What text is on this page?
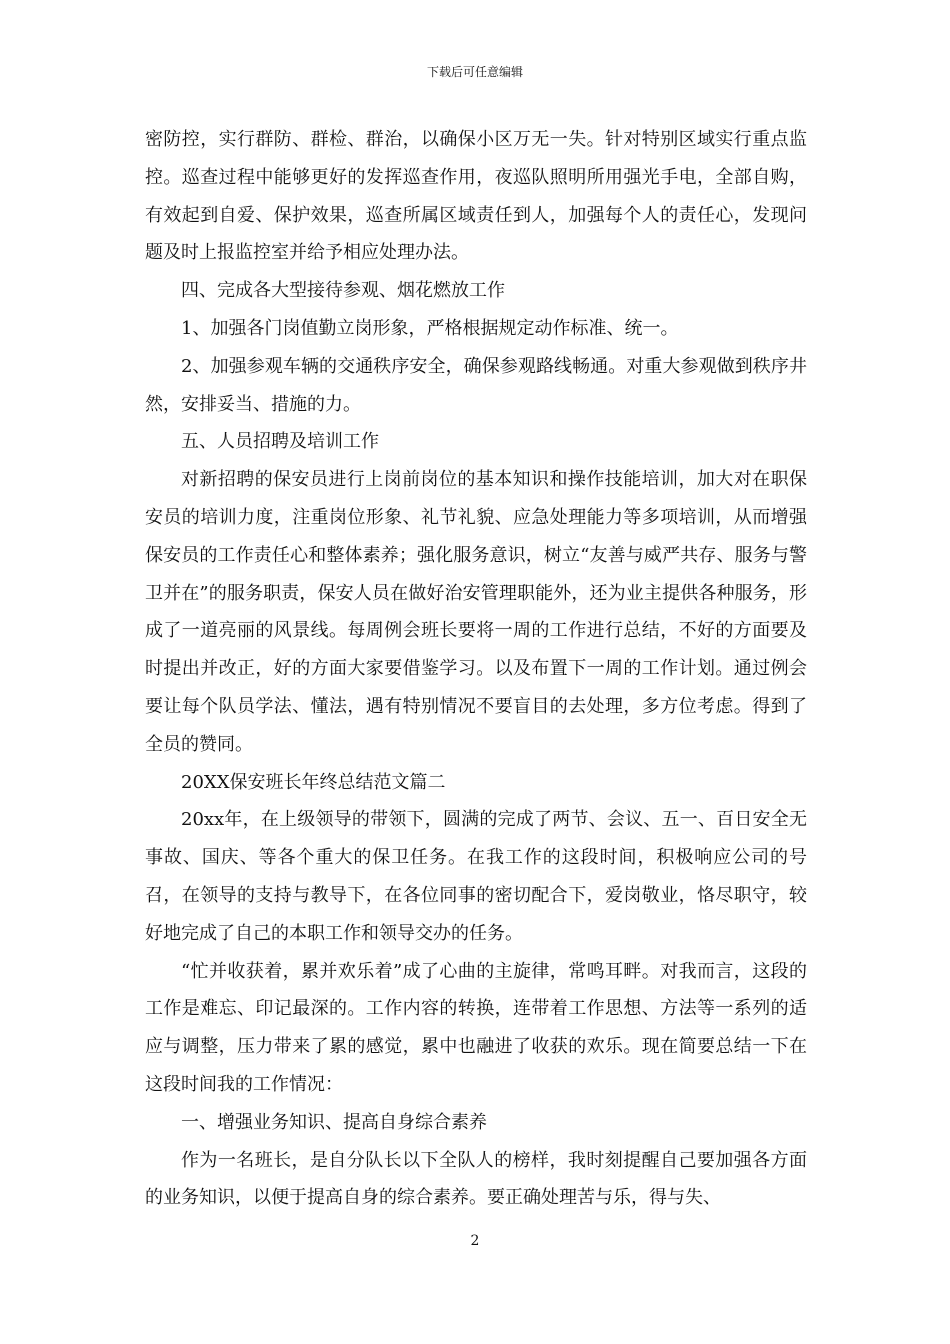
下载后可任意编辑

密防控，实行群防、群检、群治，以确保小区万无一失。针对特别区域实行重点监控。巡查过程中能够更好的发挥巡查作用，夜巡队照明所用强光手电，全部自购，有效起到自爱、保护效果，巡查所属区域责任到人，加强每个人的责任心，发现问题及时上报监控室并给予相应处理办法。

四、完成各大型接待参观、烟花燃放工作

1、加强各门岗值勤立岗形象，严格根据规定动作标准、统一。

2、加强参观车辆的交通秩序安全，确保参观路线畅通。对重大参观做到秩序井然，安排妥当、措施的力。

五、人员招聘及培训工作

对新招聘的保安员进行上岗前岗位的基本知识和操作技能培训，加大对在职保安员的培训力度，注重岗位形象、礼节礼貌、应急处理能力等多项培训，从而增强保安员的工作责任心和整体素养；强化服务意识，树立“友善与威严共存、服务与警卫并在”的服务职责，保安人员在做好治安管理职能外，还为业主提供各种服务，形成了一道亮丽的风景线。每周例会班长要将一周的工作进行总结，不好的方面要及时提出并改正，好的方面大家要借鉴学习。以及布置下一周的工作计划。通过例会要让每个队员学法、懂法，遇有特别情况不要盲目的去处理，多方位考虑。得到了全员的赞同。

20XX保安班长年终总结范文篇二

20xx年，在上级领导的带领下，圆满的完成了两节、会议、五一、百日安全无事故、国庆、等各个重大的保卫任务。在我工作的这段时间，积极响应公司的号召，在领导的支持与教导下，在各位同事的密切配合下，爱岗敬业，恪尽职守，较好地完成了自己的本职工作和领导交办的任务。

“忙并收获着，累并欢乐着”成了心曲的主旋律，常鸣耳畔。对我而言，这段的工作是难忘、印记最深的。工作内容的转换，连带着工作思想、方法等一系列的适应与调整，压力带来了累的感觉，累中也融进了收获的欢乐。现在简要总结一下在这段时间我的工作情况：

一、增强业务知识、提高自身综合素养

作为一名班长，是自分队长以下全队人的榜样，我时刻提醒自己要加强各方面的业务知识，以便于提高自身的综合素养。要正确处理苦与乐，得与失、

2
